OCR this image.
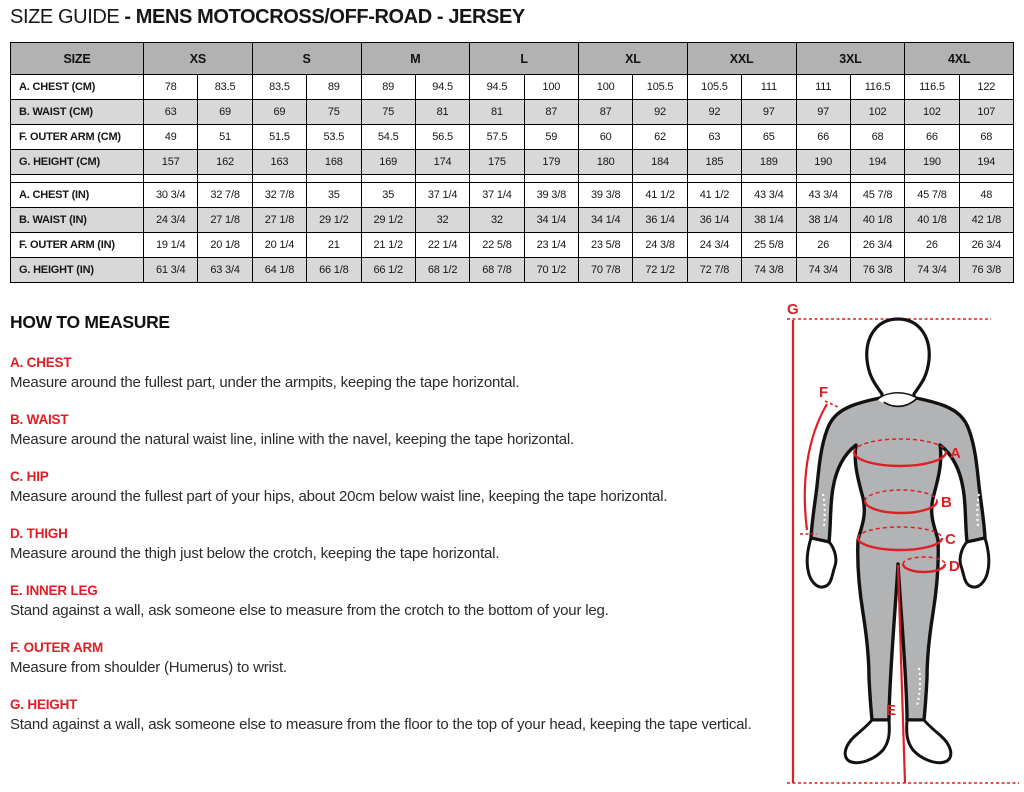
SIZE GUIDE - MENS MOTOCROSS/OFF-ROAD - JERSEY
SIZE	XS		S		M		L		XL		XXL		3XL		4XL	
A. CHEST (CM)	78	83.5	83.5	89	89	94.5	94.5	100	100	105.5	105.5	111	111	116.5	116.5	122
B. WAIST (CM)	63	69	69	75	75	81	81	87	87	92	92	97	97	102	102	107
F. OUTER ARM (CM)	49	51	51.5	53.5	54.5	56.5	57.5	59	60	62	63	65	66	68	66	68
G. HEIGHT (CM)	157	162	163	168	169	174	175	179	180	184	185	189	190	194	190	194

A. CHEST (IN)	30 3/4	32 7/8	32 7/8	35	35	37 1/4	37 1/4	39 3/8	39 3/8	41 1/2	41 1/2	43 3/4	43 3/4	45 7/8	45 7/8	48
B. WAIST (IN)	24 3/4	27 1/8	27 1/8	29 1/2	29 1/2	32	32	34 1/4	34 1/4	36 1/4	36 1/4	38 1/4	38 1/4	40 1/8	40 1/8	42 1/8
F. OUTER ARM (IN)	19 1/4	20 1/8	20 1/4	21	21 1/2	22 1/4	22 5/8	23 1/4	23 5/8	24 3/8	24 3/4	25 5/8	26	26 3/4	26	26 3/4
G. HEIGHT (IN)	61 3/4	63 3/4	64 1/8	66 1/8	66 1/2	68 1/2	68 7/8	70 1/2	70 7/8	72 1/2	72 7/8	74 3/8	74 3/4	76 3/8	74 3/4	76 3/8
HOW TO MEASURE
A. CHEST

Measure around the fullest part, under the armpits, keeping the tape horizontal.

B. WAIST

Measure around the natural waist line, inline with the navel, keeping the tape horizontal.

C. HIP

Measure around the fullest part of your hips, about 20cm below waist line, keeping the tape horizontal.

D. THIGH

Measure around the thigh just below the crotch, keeping the tape horizontal.

E. INNER LEG

Stand against a wall, ask someone else to measure from the crotch to the bottom of your leg.

F. OUTER ARM

Measure from shoulder (Humerus) to wrist.

G. HEIGHT

Stand against a wall, ask someone else to measure from the floor to the top of your head, keeping the tape vertical.

G
F
A
B
C
D
E
